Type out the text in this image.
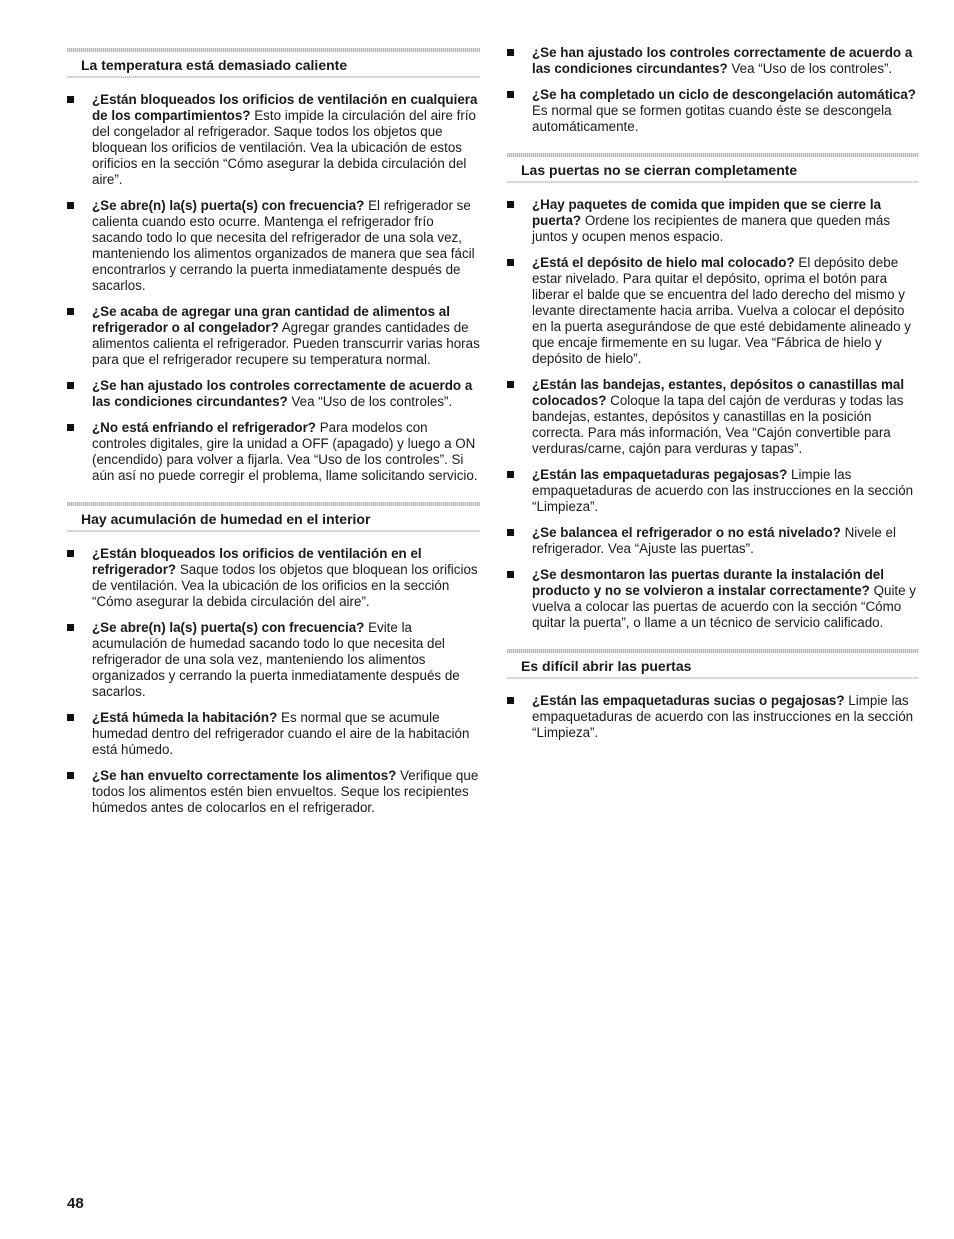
La temperatura está demasiado caliente
¿Están bloqueados los orificios de ventilación en cualquiera de los compartimientos? Esto impide la circulación del aire frío del congelador al refrigerador. Saque todos los objetos que bloquean los orificios de ventilación. Vea la ubicación de estos orificios en la sección “Cómo asegurar la debida circulación del aire”.
¿Se abre(n) la(s) puerta(s) con frecuencia? El refrigerador se calienta cuando esto ocurre. Mantenga el refrigerador frío sacando todo lo que necesita del refrigerador de una sola vez, manteniendo los alimentos organizados de manera que sea fácil encontrarlos y cerrando la puerta inmediatamente después de sacarlos.
¿Se acaba de agregar una gran cantidad de alimentos al refrigerador o al congelador? Agregar grandes cantidades de alimentos calienta el refrigerador. Pueden transcurrir varias horas para que el refrigerador recupere su temperatura normal.
¿Se han ajustado los controles correctamente de acuerdo a las condiciones circundantes? Vea “Uso de los controles”.
¿No está enfriando el refrigerador? Para modelos con controles digitales, gire la unidad a OFF (apagado) y luego a ON (encendido) para volver a fijarla. Vea “Uso de los controles”. Si aún así no puede corregir el problema, llame solicitando servicio.
Hay acumulación de humedad en el interior
¿Están bloqueados los orificios de ventilación en el refrigerador? Saque todos los objetos que bloquean los orificios de ventilación. Vea la ubicación de los orificios en la sección “Cómo asegurar la debida circulación del aire”.
¿Se abre(n) la(s) puerta(s) con frecuencia? Evite la acumulación de humedad sacando todo lo que necesita del refrigerador de una sola vez, manteniendo los alimentos organizados y cerrando la puerta inmediatamente después de sacarlos.
¿Está húmeda la habitación? Es normal que se acumule humedad dentro del refrigerador cuando el aire de la habitación está húmedo.
¿Se han envuelto correctamente los alimentos? Verifique que todos los alimentos estén bien envueltos. Seque los recipientes húmedos antes de colocarlos en el refrigerador.
¿Se han ajustado los controles correctamente de acuerdo a las condiciones circundantes? Vea “Uso de los controles”.
¿Se ha completado un ciclo de descongelación automática? Es normal que se formen gotitas cuando éste se descongela automáticamente.
Las puertas no se cierran completamente
¿Hay paquetes de comida que impiden que se cierre la puerta? Ordene los recipientes de manera que queden más juntos y ocupen menos espacio.
¿Está el depósito de hielo mal colocado? El depósito debe estar nivelado. Para quitar el depósito, oprima el botón para liberar el balde que se encuentra del lado derecho del mismo y levante directamente hacia arriba. Vuelva a colocar el depósito en la puerta asegurándose de que esté debidamente alineado y que encaje firmemente en su lugar. Vea “Fábrica de hielo y depósito de hielo”.
¿Están las bandejas, estantes, depósitos o canastillas mal colocados? Coloque la tapa del cajón de verduras y todas las bandejas, estantes, depósitos y canastillas en la posición correcta. Para más información, Vea “Cajón convertible para verduras/carne, cajón para verduras y tapas”.
¿Están las empaquetaduras pegajosas? Limpie las empaquetaduras de acuerdo con las instrucciones en la sección “Limpieza”.
¿Se balancea el refrigerador o no está nivelado? Nivele el refrigerador. Vea “Ajuste las puertas”.
¿Se desmontaron las puertas durante la instalación del producto y no se volvieron a instalar correctamente? Quite y vuelva a colocar las puertas de acuerdo con la sección “Cómo quitar la puerta”, o llame a un técnico de servicio calificado.
Es difícil abrir las puertas
¿Están las empaquetaduras sucias o pegajosas? Limpie las empaquetaduras de acuerdo con las instrucciones en la sección “Limpieza”.

48
